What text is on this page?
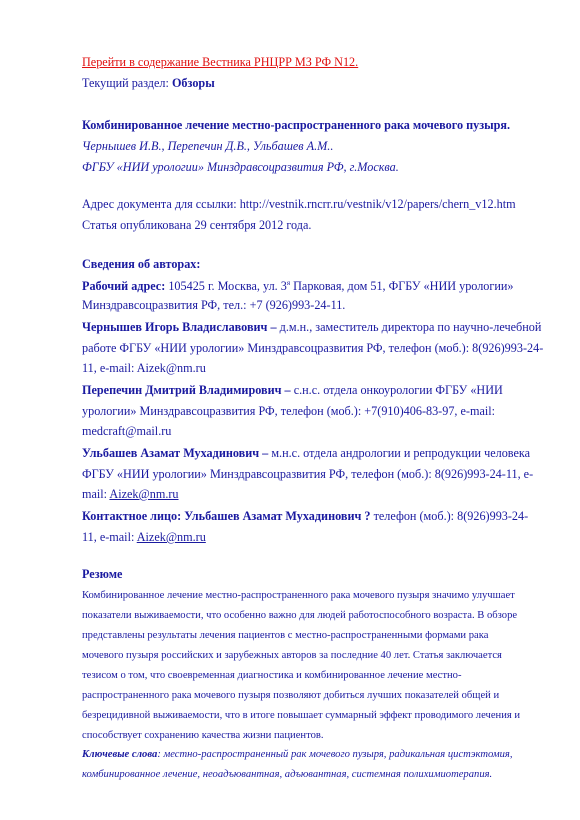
Перейти в содержание Вестника РНЦРР МЗ РФ N12.
Текущий раздел: Обзоры
Комбинированное лечение местно-распространенного рака мочевого пузыря.
Чернышев И.В., Перепечин Д.В., Ульбашев А.М..
ФГБУ «НИИ урологии» Минздравсоцразвития РФ, г.Москва.
Адрес документа для ссылки: http://vestnik.rncrr.ru/vestnik/v12/papers/chern_v12.htm
Статья опубликована 29 сентября 2012 года.
Сведения об авторах:
Рабочий адрес: 105425 г. Москва, ул. $3^я$ Парковая, дом 51, ФГБУ «НИИ урологии»
Минздравсоцразвития РФ, тел.: +7 (926)993-24-11.
Чернышев Игорь Владиславович – д.м.н., заместитель директора по научно-лечебной
работе ФГБУ «НИИ урологии» Минздравсоцразвития РФ, телефон (моб.): 8(926)993-24-
11, e-mail: Aizek@nm.ru
Перепечин Дмитрий Владимирович – с.н.с. отдела онкоурологии ФГБУ «НИИ
урологии» Минздравсоцразвития РФ, телефон (моб.): +7(910)406-83-97, e-mail:
medcraft@mail.ru
Ульбашев Азамат Мухадинович – м.н.с. отдела андрологии и репродукции человека
ФГБУ «НИИ урологии» Минздравсоцразвития РФ, телефон (моб.): 8(926)993-24-11, e-
mail: Aizek@nm.ru
Контактное лицо: Ульбашев Азамат Мухадинович ? телефон (моб.): 8(926)993-24-
11, e-mail: Aizek@nm.ru
Резюме
Комбинированное лечение местно-распространенного рака мочевого пузыря значимо улучшает
показатели выживаемости, что особенно важно для людей работоспособного возраста. В обзоре
представлены результаты лечения пациентов с местно-распространенными формами рака
мочевого пузыря российских и зарубежных авторов за последние 40 лет. Статья заключается
тезисом о том, что своевременная диагностика и комбинированное лечение местно-
распространенного рака мочевого пузыря позволяют добиться лучших показателей общей и
безрецидивной выживаемости, что в итоге повышает суммарный эффект проводимого лечения и
способствует сохранению качества жизни пациентов.
Ключевые слова: местно-распространенный рак мочевого пузыря, радикальная цистэктомия,
комбинированное лечение, неоадъювантная, адъювантная, системная полихимиотерапия.
